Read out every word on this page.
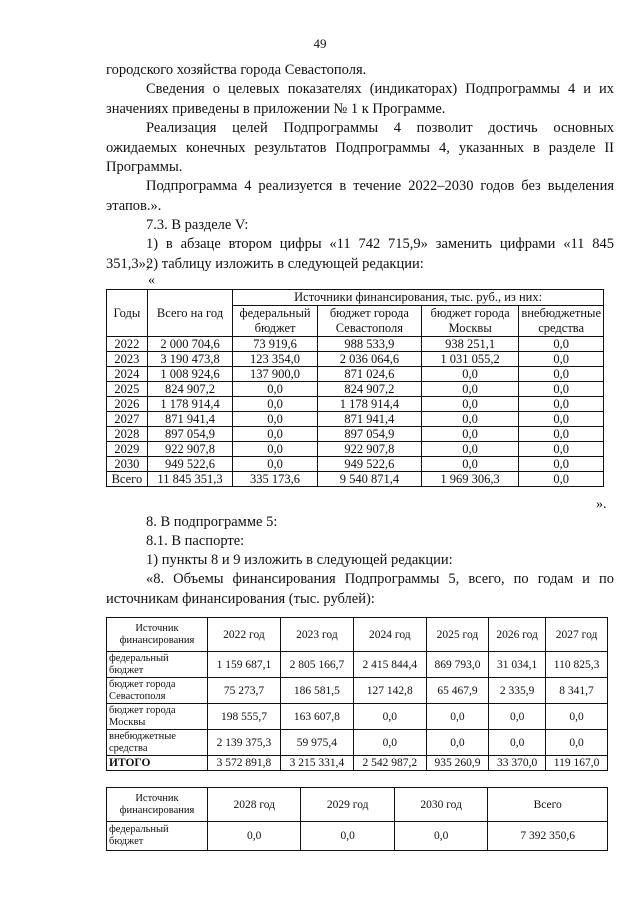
49

городского хозяйства города Севастополя.

Сведения о целевых показателях (индикаторах) Подпрограммы 4 и их значениях приведены в приложении № 1 к Программе.

Реализация целей Подпрограммы 4 позволит достичь основных ожидаемых конечных результатов Подпрограммы 4, указанных в разделе II Программы.

Подпрограмма 4 реализуется в течение 2022–2030 годов без выделения этапов.».

7.3. В разделе V:

1) в абзаце втором цифры «11 742 715,9» заменить цифрами «11 845 351,3»;

2) таблицу изложить в следующей редакции:

«
Годы	Всего на год	Источники финансирования, тыс. руб., из них:			
		федеральный бюджет	бюджет города Севастополя	бюджет города Москвы	внебюджетные средства
2022	2 000 704,6	73 919,6	988 533,9	938 251,1	0,0
2023	3 190 473,8	123 354,0	2 036 064,6	1 031 055,2	0,0
2024	1 008 924,6	137 900,0	871 024,6	0,0	0,0
2025	824 907,2	0,0	824 907,2	0,0	0,0
2026	1 178 914,4	0,0	1 178 914,4	0,0	0,0
2027	871 941,4	0,0	871 941,4	0,0	0,0
2028	897 054,9	0,0	897 054,9	0,0	0,0
2029	922 907,8	0,0	922 907,8	0,0	0,0
2030	949 522,6	0,0	949 522,6	0,0	0,0
Всего	11 845 351,3	335 173,6	9 540 871,4	1 969 306,3	0,0
».

8. В подпрограмме 5:

8.1. В паспорте:

1) пункты 8 и 9 изложить в следующей редакции:

«8. Объемы финансирования Подпрограммы 5, всего, по годам и по источникам финансирования (тыс. рублей):

Источник финансирования	2022 год	2023 год	2024 год	2025 год	2026 год	2027 год
федеральный бюджет	1 159 687,1	2 805 166,7	2 415 844,4	869 793,0	31 034,1	110 825,3
бюджет города Севастополя	75 273,7	186 581,5	127 142,8	65 467,9	2 335,9	8 341,7
бюджет города Москвы	198 555,7	163 607,8	0,0	0,0	0,0	0,0
внебюджетные средства	2 139 375,3	59 975,4	0,0	0,0	0,0	0,0
ИТОГО	3 572 891,8	3 215 331,4	2 542 987,2	935 260,9	33 370,0	119 167,0
Источник финансирования	2028 год	2029 год	2030 год	Всего
федеральный бюджет	0,0	0,0	0,0	7 392 350,6
